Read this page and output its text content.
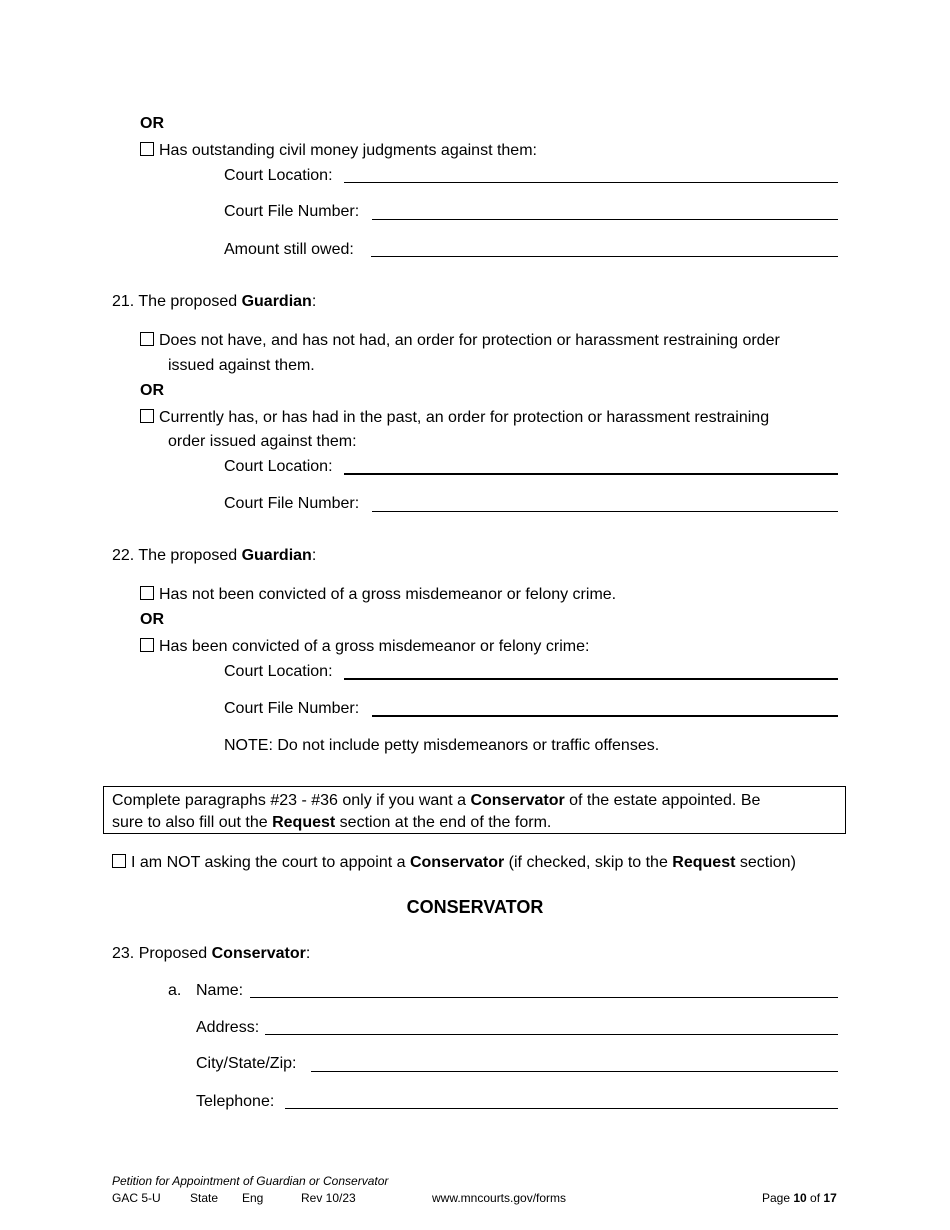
OR
Has outstanding civil money judgments against them:
Court Location:
Court File Number:
Amount still owed:
21. The proposed Guardian:
Does not have, and has not had, an order for protection or harassment restraining order
issued against them.
OR
Currently has, or has had in the past, an order for protection or harassment restraining
order issued against them:
Court Location:
Court File Number:
22. The proposed Guardian:
Has not been convicted of a gross misdemeanor or felony crime.
OR
Has been convicted of a gross misdemeanor or felony crime:
Court Location:
Court File Number:
NOTE: Do not include petty misdemeanors or traffic offenses.
Complete paragraphs #23 - #36 only if you want a Conservator of the estate appointed. Be
sure to also fill out the Request section at the end of the form.
I am NOT asking the court to appoint a Conservator (if checked, skip to the Request section)
CONSERVATOR
23. Proposed Conservator:
a. Name:
Address:
City/State/Zip:
Telephone:
Petition for Appointment of Guardian or Conservator
GAC 5-U State Eng	Rev 10/23	www.mncourts.gov/forms	Page 10 of 17
